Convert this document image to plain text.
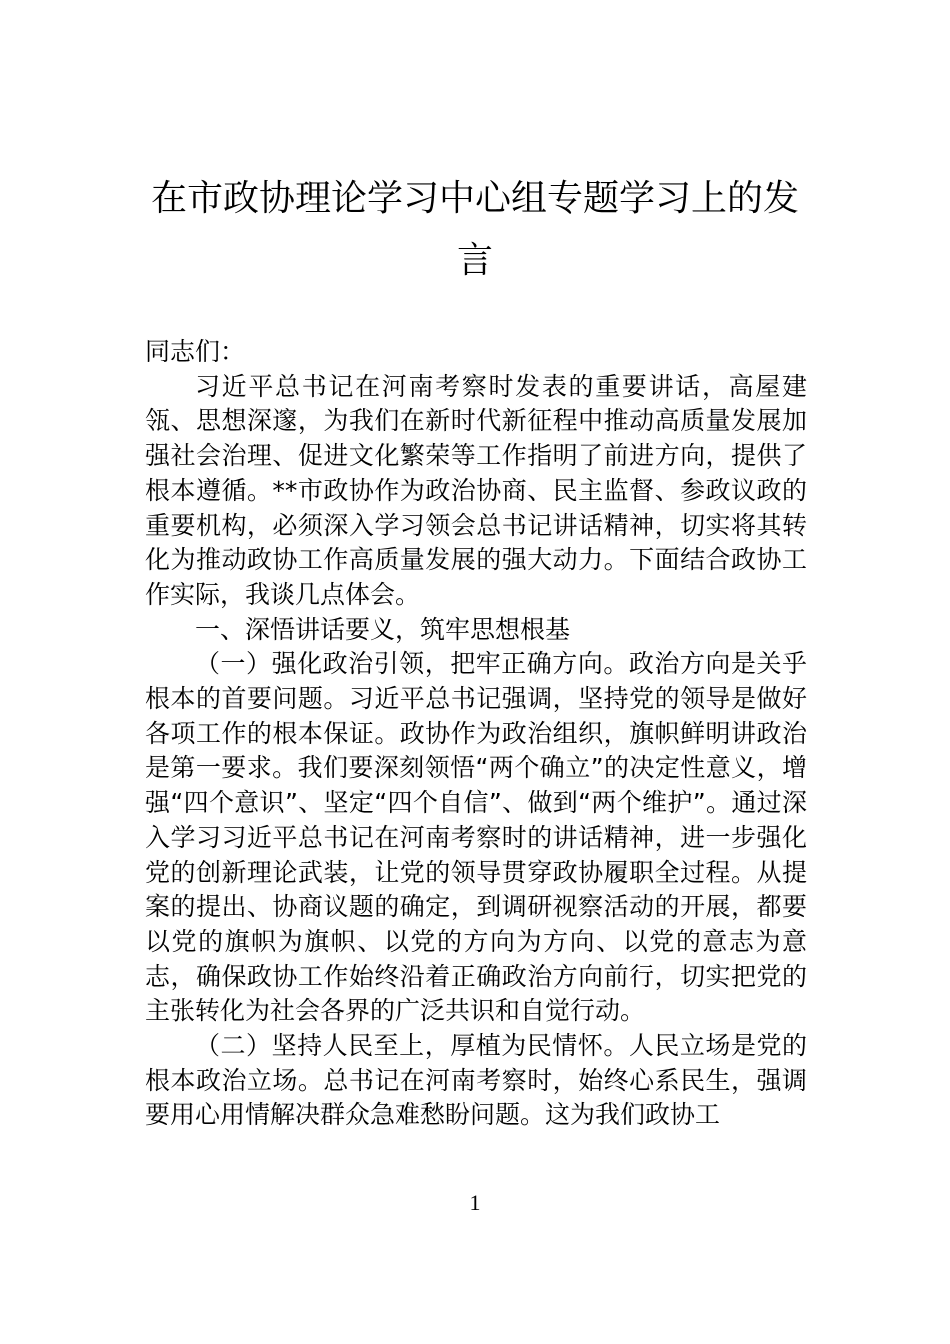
在市政协理论学习中心组专题学习上的发言

同志们：

习近平总书记在河南考察时发表的重要讲话，高屋建瓴、思想深邃，为我们在新时代新征程中推动高质量发展加强社会治理、促进文化繁荣等工作指明了前进方向，提供了根本遵循。**市政协作为政治协商、民主监督、参政议政的重要机构，必须深入学习领会总书记讲话精神，切实将其转化为推动政协工作高质量发展的强大动力。下面结合政协工作实际，我谈几点体会。

一、深悟讲话要义，筑牢思想根基

（一）强化政治引领，把牢正确方向。政治方向是关乎根本的首要问题。习近平总书记强调，坚持党的领导是做好各项工作的根本保证。政协作为政治组织，旗帜鲜明讲政治是第一要求。我们要深刻领悟“两个确立”的决定性意义，增强“四个意识”、坚定“四个自信”、做到“两个维护”。通过深入学习习近平总书记在河南考察时的讲话精神，进一步强化党的创新理论武装，让党的领导贯穿政协履职全过程。从提案的提出、协商议题的确定，到调研视察活动的开展，都要以党的旗帜为旗帜、以党的方向为方向、以党的意志为意志，确保政协工作始终沿着正确政治方向前行，切实把党的主张转化为社会各界的广泛共识和自觉行动。

（二）坚持人民至上，厚植为民情怀。人民立场是党的根本政治立场。总书记在河南考察时，始终心系民生，强调要用心用情解决群众急难愁盼问题。这为我们政协工

1
